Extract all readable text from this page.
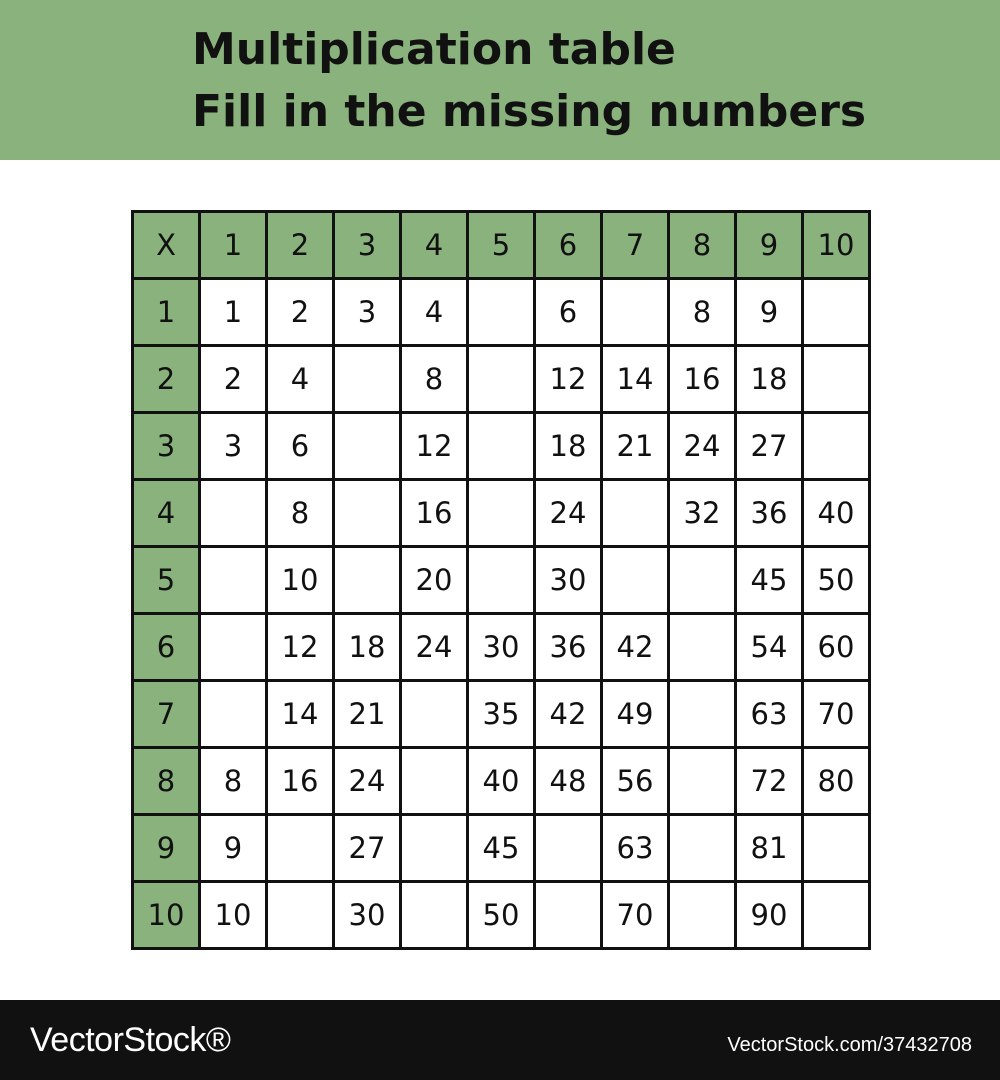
Multiplication table
Fill in the missing numbers
X	1	2	3	4	5	6	7	8	9	10
1	1	2	3	4		6		8	9	
2	2	4		8		12	14	16	18	
3	3	6		12		18	21	24	27	
4		8		16		24		32	36	40
5		10		20		30			45	50
6		12	18	24	30	36	42		54	60
7		14	21		35	42	49		63	70
8	8	16	24		40	48	56		72	80
9	9		27		45		63		81	
10	10		30		50		70		90	
VectorStock®	VectorStock.com/37432708
